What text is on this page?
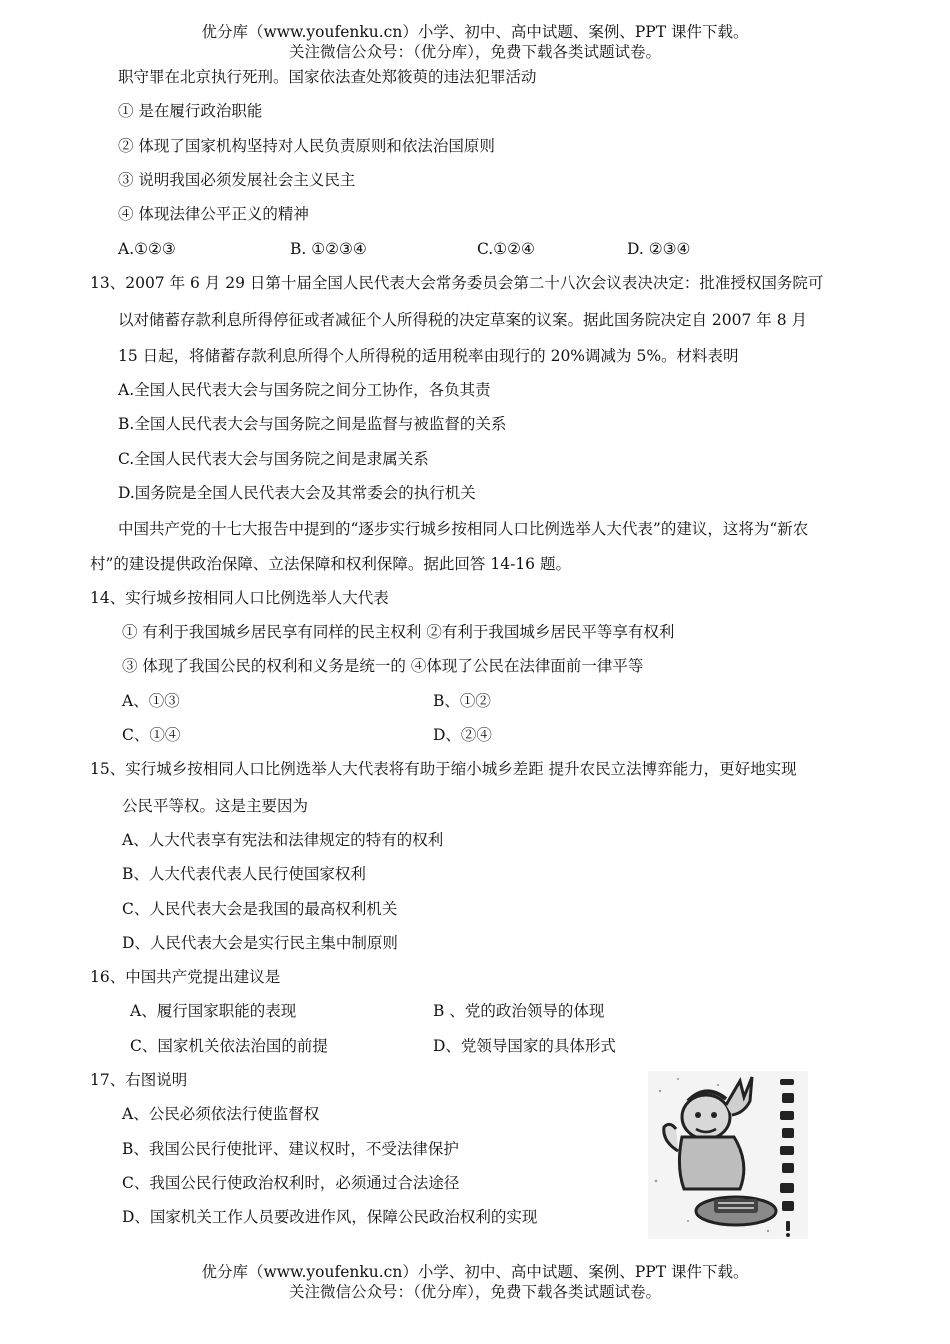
优分库（www.youfenku.cn）小学、初中、高中试题、案例、PPT 课件下载。
关注微信公众号：（优分库），免费下载各类试题试卷。
职守罪在北京执行死刑。国家依法查处郑筱萸的违法犯罪活动
① 是在履行政治职能
② 体现了国家机构坚持对人民负责原则和依法治国原则
③ 说明我国必须发展社会主义民主
④ 体现法律公平正义的精神
A.①②③	B. ①②③④	C.①②④	D. ②③④
13、2007 年 6 月 29 日第十届全国人民代表大会常务委员会第二十八次会议表决决定：批准授权国务院可
以对储蓄存款利息所得停征或者减征个人所得税的决定草案的议案。据此国务院决定自 2007 年 8 月
15 日起，将储蓄存款利息所得个人所得税的适用税率由现行的 20%调减为 5%。材料表明
A.全国人民代表大会与国务院之间分工协作，各负其责
B.全国人民代表大会与国务院之间是监督与被监督的关系
C.全国人民代表大会与国务院之间是隶属关系
D.国务院是全国人民代表大会及其常委会的执行机关
中国共产党的十七大报告中提到的“逐步实行城乡按相同人口比例选举人大代表”的建议，这将为“新农
村”的建设提供政治保障、立法保障和权利保障。据此回答 14-16 题。
14、实行城乡按相同人口比例选举人大代表
① 有利于我国城乡居民享有同样的民主权利 ②有利于我国城乡居民平等享有权利
③ 体现了我国公民的权利和义务是统一的 ④体现了公民在法律面前一律平等
A、①③	B、①②
C、①④	D、②④
15、实行城乡按相同人口比例选举人大代表将有助于缩小城乡差距 提升农民立法博弈能力，更好地实现
公民平等权。这是主要因为
A、人大代表享有宪法和法律规定的特有的权利
B、人大代表代表人民行使国家权利
C、人民代表大会是我国的最高权利机关
D、人民代表大会是实行民主集中制原则
16、中国共产党提出建议是
A、履行国家职能的表现	B 、党的政治领导的体现
C、国家机关依法治国的前提	D、党领导国家的具体形式
17、右图说明
A、公民必须依法行使监督权
B、我国公民行使批评、建议权时，不受法律保护
C、我国公民行使政治权利时，必须通过合法途径
D、国家机关工作人员要改进作风，保障公民政治权利的实现
优分库（www.youfenku.cn）小学、初中、高中试题、案例、PPT 课件下载。
关注微信公众号：（优分库），免费下载各类试题试卷。
